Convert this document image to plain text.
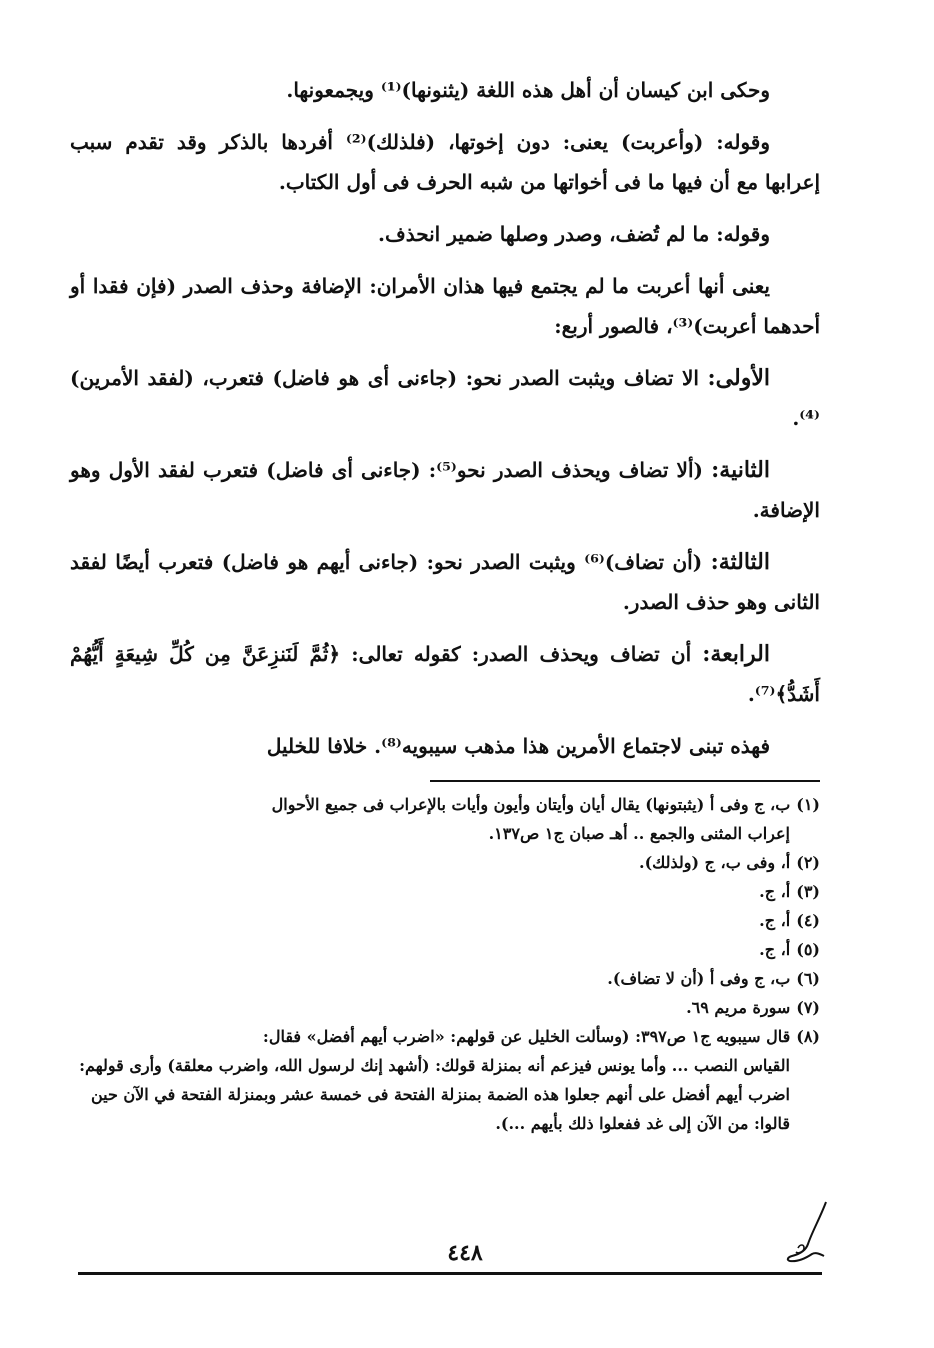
وحكى ابن كيسان أن أهل هذه اللغة (يثنونها)⁽¹⁾ ويجمعونها.

وقوله: (وأعربت) يعنى: دون إخوتها، (فلذلك)⁽²⁾ أفردها بالذكر وقد تقدم سبب إعرابها مع أن فيها ما فى أخواتها من شبه الحرف فى أول الكتاب.

وقوله: ما لم تُضف، وصدر وصلها ضمير انحذف.

يعنى أنها أعربت ما لم يجتمع فيها هذان الأمران: الإضافة وحذف الصدر (فإن فقدا أو أحدهما أعربت)⁽³⁾، فالصور أربع:

الأولى: الا تضاف ويثبت الصدر نحو: (جاءنى أى هو فاضل) فتعرب، (لفقد الأمرين)⁽⁴⁾.

الثانية: (ألا تضاف ويحذف الصدر نحو⁽⁵⁾: (جاءنى أى فاضل) فتعرب لفقد الأول وهو الإضافة.

الثالثة: (أن تضاف)⁽⁶⁾ ويثبت الصدر نحو: (جاءنى أيهم هو فاضل) فتعرب أيضًا لفقد الثانى وهو حذف الصدر.

الرابعة: أن تضاف ويحذف الصدر: كقوله تعالى: ﴿ثُمَّ لَنَنزِعَنَّ مِن كُلِّ شِيعَةٍ أَيُّهُمْ أَشَدُّ﴾⁽⁷⁾.

فهذه تبنى لاجتماع الأمرين هذا مذهب سيبويه⁽⁸⁾. خلافا للخليل

(١)ب، ج وفى أ (يثبتونها) يقال أيان وأيتان وأيون وأيات بالإعراب فى جميع الأحوال
إعراب المثنى والجمع .. أهـ صبان ج١ ص١٣٧.
(٢)أ، وفى ب، ج (ولذلك).
(٣)أ، ج.
(٤)أ، ج.
(٥)أ، ج.
(٦)ب، ج وفى أ (أن لا تضاف).
(٧)سورة مريم ٦٩.
(٨)قال سيبويه ج١ ص٣٩٧: (وسألت الخليل عن قولهم: «اضرب أيهم أفضل» فقال:
القياس النصب ... وأما يونس فيزعم أنه بمنزلة قولك: (أشهد إنك لرسول الله، واضرب معلقة) وأرى قولهم: اضرب أيهم أفضل على أنهم جعلوا هذه الضمة بمنزلة الفتحة فى خمسة عشر وبمنزلة الفتحة في الآن حين قالوا: من الآن إلى غد ففعلوا ذلك بأيهم ...).
٤٤٨
